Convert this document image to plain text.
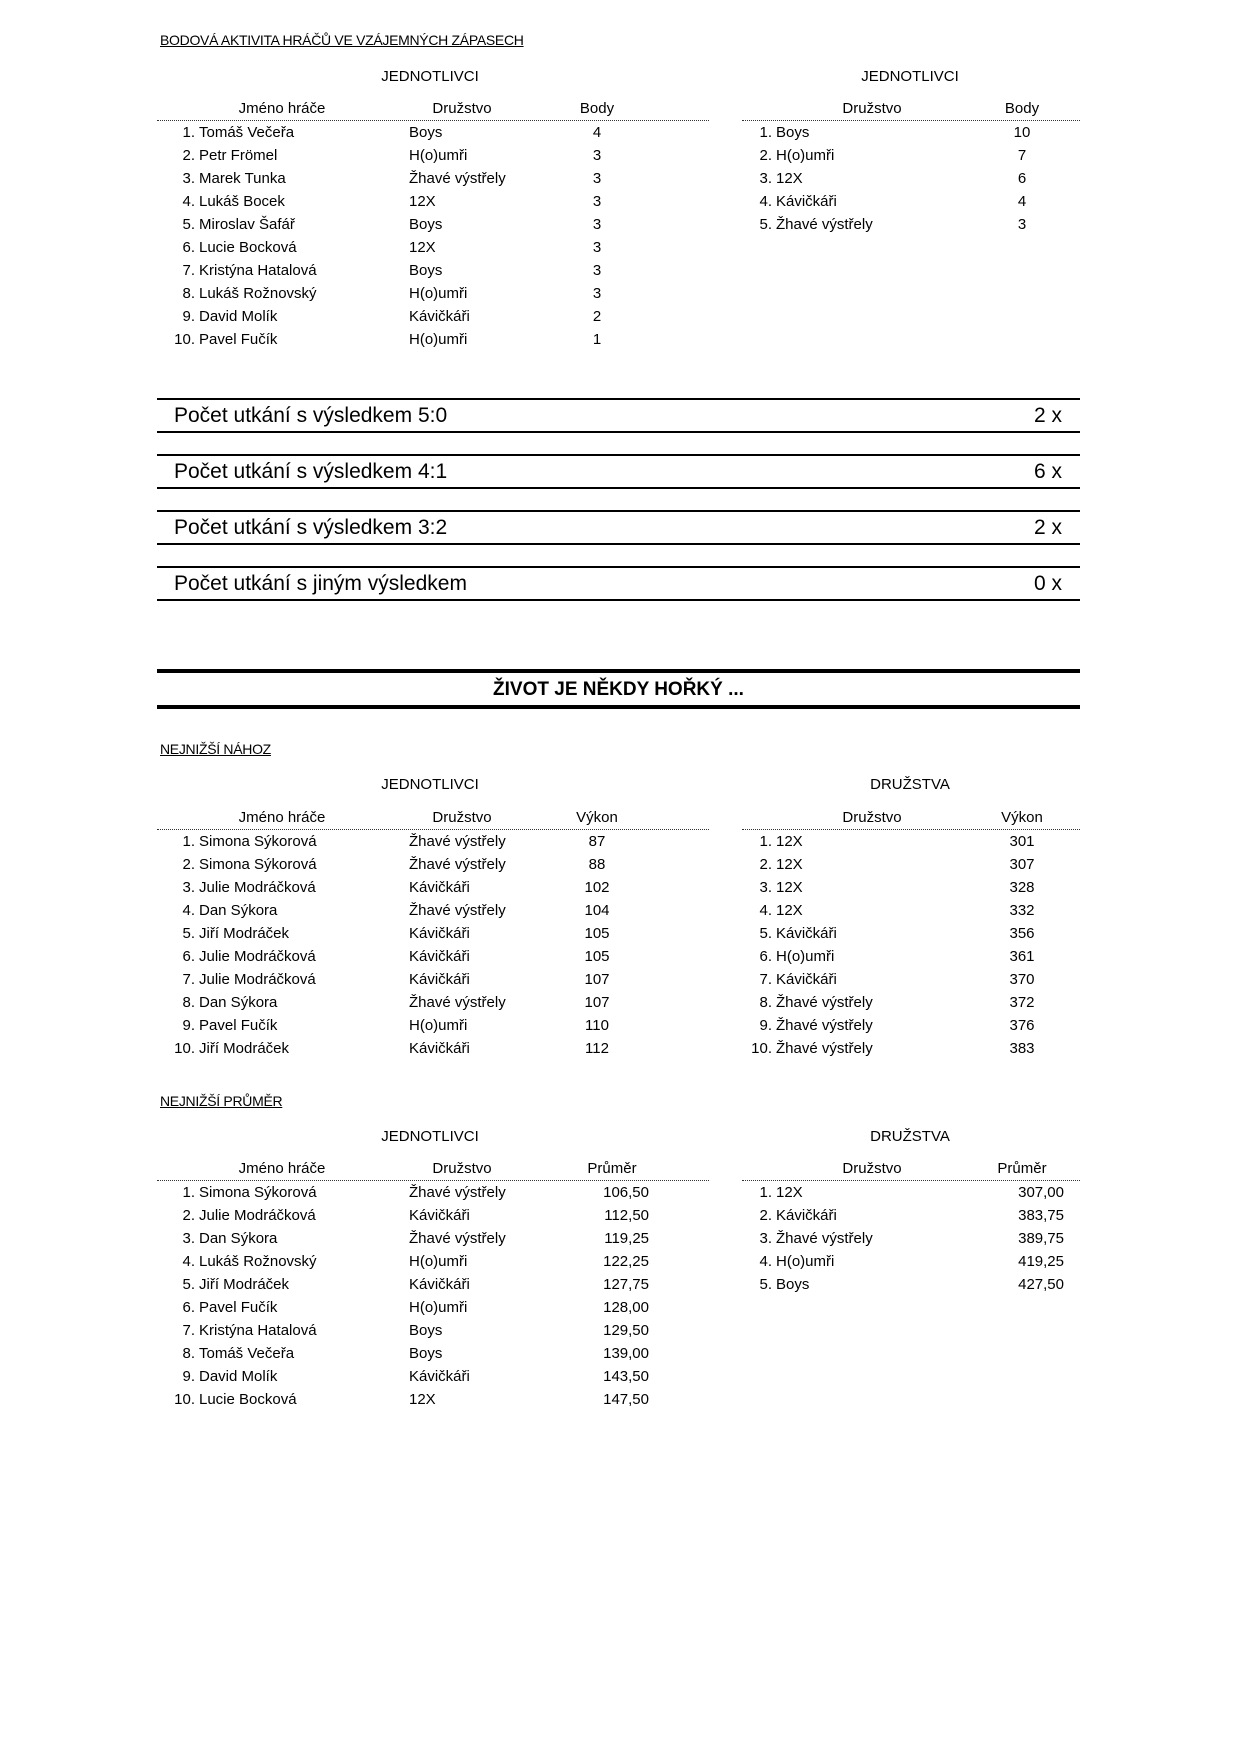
BODOVÁ AKTIVITA HRÁČŮ VE VZÁJEMNÝCH ZÁPASECH
JEDNOTLIVCI	JEDNOTLIVCI
Jméno hráče	Družstvo	Body
1. Tomáš Večeřa	Boys	4
2. Petr Frömel	H(o)umři	3
3. Marek Tunka	Žhavé výstřely	3
4. Lukáš Bocek	12X	3
5. Miroslav Šafář	Boys	3
6. Lucie Bocková	12X	3
7. Kristýna Hatalová	Boys	3
8. Lukáš Rožnovský	H(o)umři	3
9. David Molík	Kávičkáři	2
10. Pavel Fučík	H(o)umři	1
Družstvo	Body
1. Boys	10
2. H(o)umři	7
3. 12X	6
4. Kávičkáři	4
5. Žhavé výstřely	3
Počet utkání s výsledkem 5:0	2 x
Počet utkání s výsledkem 4:1	6 x
Počet utkání s výsledkem 3:2	2 x
Počet utkání s jiným výsledkem	0 x
ŽIVOT JE NĚKDY HOŘKÝ ...
NEJNIŽŠÍ NÁHOZ
JEDNOTLIVCI	DRUŽSTVA
Jméno hráče	Družstvo	Výkon
1. Simona Sýkorová	Žhavé výstřely	87
2. Simona Sýkorová	Žhavé výstřely	88
3. Julie Modráčková	Kávičkáři	102
4. Dan Sýkora	Žhavé výstřely	104
5. Jiří Modráček	Kávičkáři	105
6. Julie Modráčková	Kávičkáři	105
7. Julie Modráčková	Kávičkáři	107
8. Dan Sýkora	Žhavé výstřely	107
9. Pavel Fučík	H(o)umři	110
10. Jiří Modráček	Kávičkáři	112
Družstvo	Výkon
1. 12X	301
2. 12X	307
3. 12X	328
4. 12X	332
5. Kávičkáři	356
6. H(o)umři	361
7. Kávičkáři	370
8. Žhavé výstřely	372
9. Žhavé výstřely	376
10. Žhavé výstřely	383
NEJNIŽŠÍ PRŮMĚR
JEDNOTLIVCI	DRUŽSTVA
Jméno hráče	Družstvo	Průměr
1. Simona Sýkorová	Žhavé výstřely	106,50
2. Julie Modráčková	Kávičkáři	112,50
3. Dan Sýkora	Žhavé výstřely	119,25
4. Lukáš Rožnovský	H(o)umři	122,25
5. Jiří Modráček	Kávičkáři	127,75
6. Pavel Fučík	H(o)umři	128,00
7. Kristýna Hatalová	Boys	129,50
8. Tomáš Večeřa	Boys	139,00
9. David Molík	Kávičkáři	143,50
10. Lucie Bocková	12X	147,50
Družstvo	Průměr
1. 12X	307,00
2. Kávičkáři	383,75
3. Žhavé výstřely	389,75
4. H(o)umři	419,25
5. Boys	427,50
